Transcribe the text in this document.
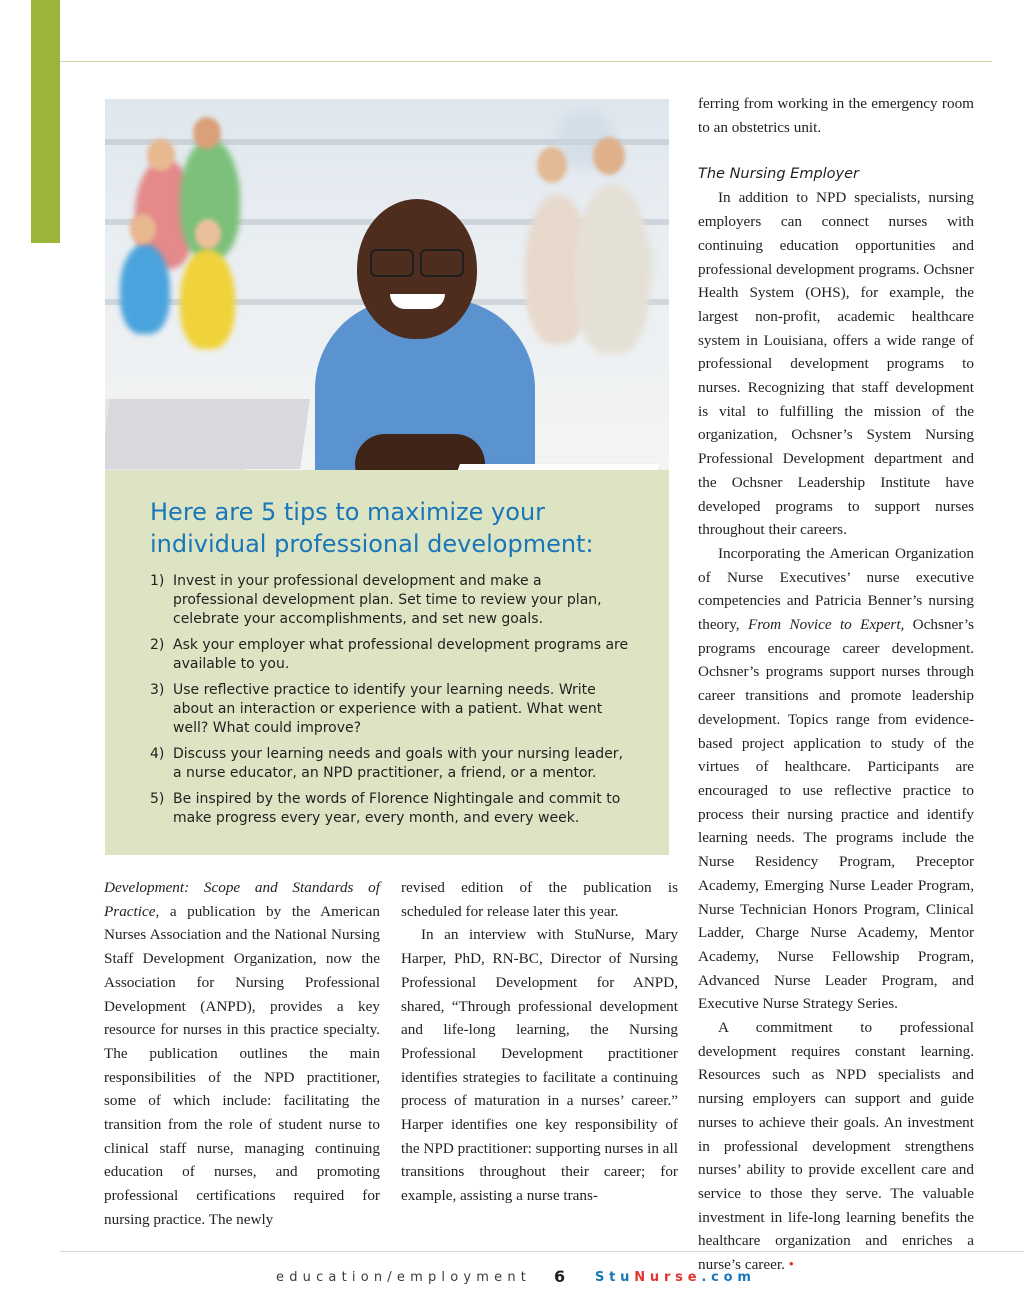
Here are 5 tips to maximize your individual professional development:
1) Invest in your professional development and make a professional development plan. Set time to review your plan, celebrate your accomplishments, and set new goals.
2) Ask your employer what professional development programs are available to you.
3) Use reflective practice to identify your learning needs. Write about an interaction or experience with a patient. What went well? What could improve?
4) Discuss your learning needs and goals with your nursing leader, a nurse educator, an NPD practitioner, a friend, or a mentor.
5) Be inspired by the words of Florence Nightingale and commit to make progress every year, every month, and every week.

Development: Scope and Standards of Practice, a publication by the American Nurses Association and the National Nursing Staff Development Organization, now the Association for Nursing Professional Development (ANPD), provides a key resource for nurses in this practice specialty. The publication outlines the main responsibilities of the NPD practitioner, some of which include: facilitating the transition from the role of student nurse to clinical staff nurse, managing continuing education of nurses, and promoting professional certifications required for nursing practice. The newly

revised edition of the publication is scheduled for release later this year.

In an interview with StuNurse, Mary Harper, PhD, RN-BC, Director of Nursing Professional Development for ANPD, shared, “Through professional development and life-long learning, the Nursing Professional Development practitioner identifies strategies to facilitate a continuing process of maturation in a nurses’ career.” Harper identifies one key responsibility of the NPD practitioner: supporting nurses in all transitions throughout their career; for example, assisting a nurse trans-

ferring from working in the emergency room to an obstetrics unit.

The Nursing Employer

In addition to NPD specialists, nursing employers can connect nurses with continuing education opportunities and professional development programs. Ochsner Health System (OHS), for example, the largest non-profit, academic healthcare system in Louisiana, offers a wide range of professional development programs to nurses. Recognizing that staff development is vital to fulfilling the mission of the organization, Ochsner’s System Nursing Professional Development department and the Ochsner Leadership Institute have developed programs to support nurses throughout their careers.

Incorporating the American Organization of Nurse Executives’ nurse executive competencies and Patricia Benner’s nursing theory, From Novice to Expert, Ochsner’s programs encourage career development. Ochsner’s programs support nurses through career transitions and promote leadership development. Topics range from evidence-based project application to study of the virtues of healthcare. Participants are encouraged to use reflective practice to process their nursing practice and identify learning needs. The programs include the Nurse Residency Program, Preceptor Academy, Emerging Nurse Leader Program, Nurse Technician Honors Program, Clinical Ladder, Charge Nurse Academy, Mentor Academy, Nurse Fellowship Program, Advanced Nurse Leader Program, and Executive Nurse Strategy Series.

A commitment to professional development requires constant learning. Resources such as NPD specialists and nursing employers can support and guide nurses to achieve their goals. An investment in professional development strengthens nurses’ ability to provide excellent care and service to those they serve. The valuable investment in life-long learning benefits the healthcare organization and enriches a nurse’s career. •

education/employment 6 StuNurse.com
